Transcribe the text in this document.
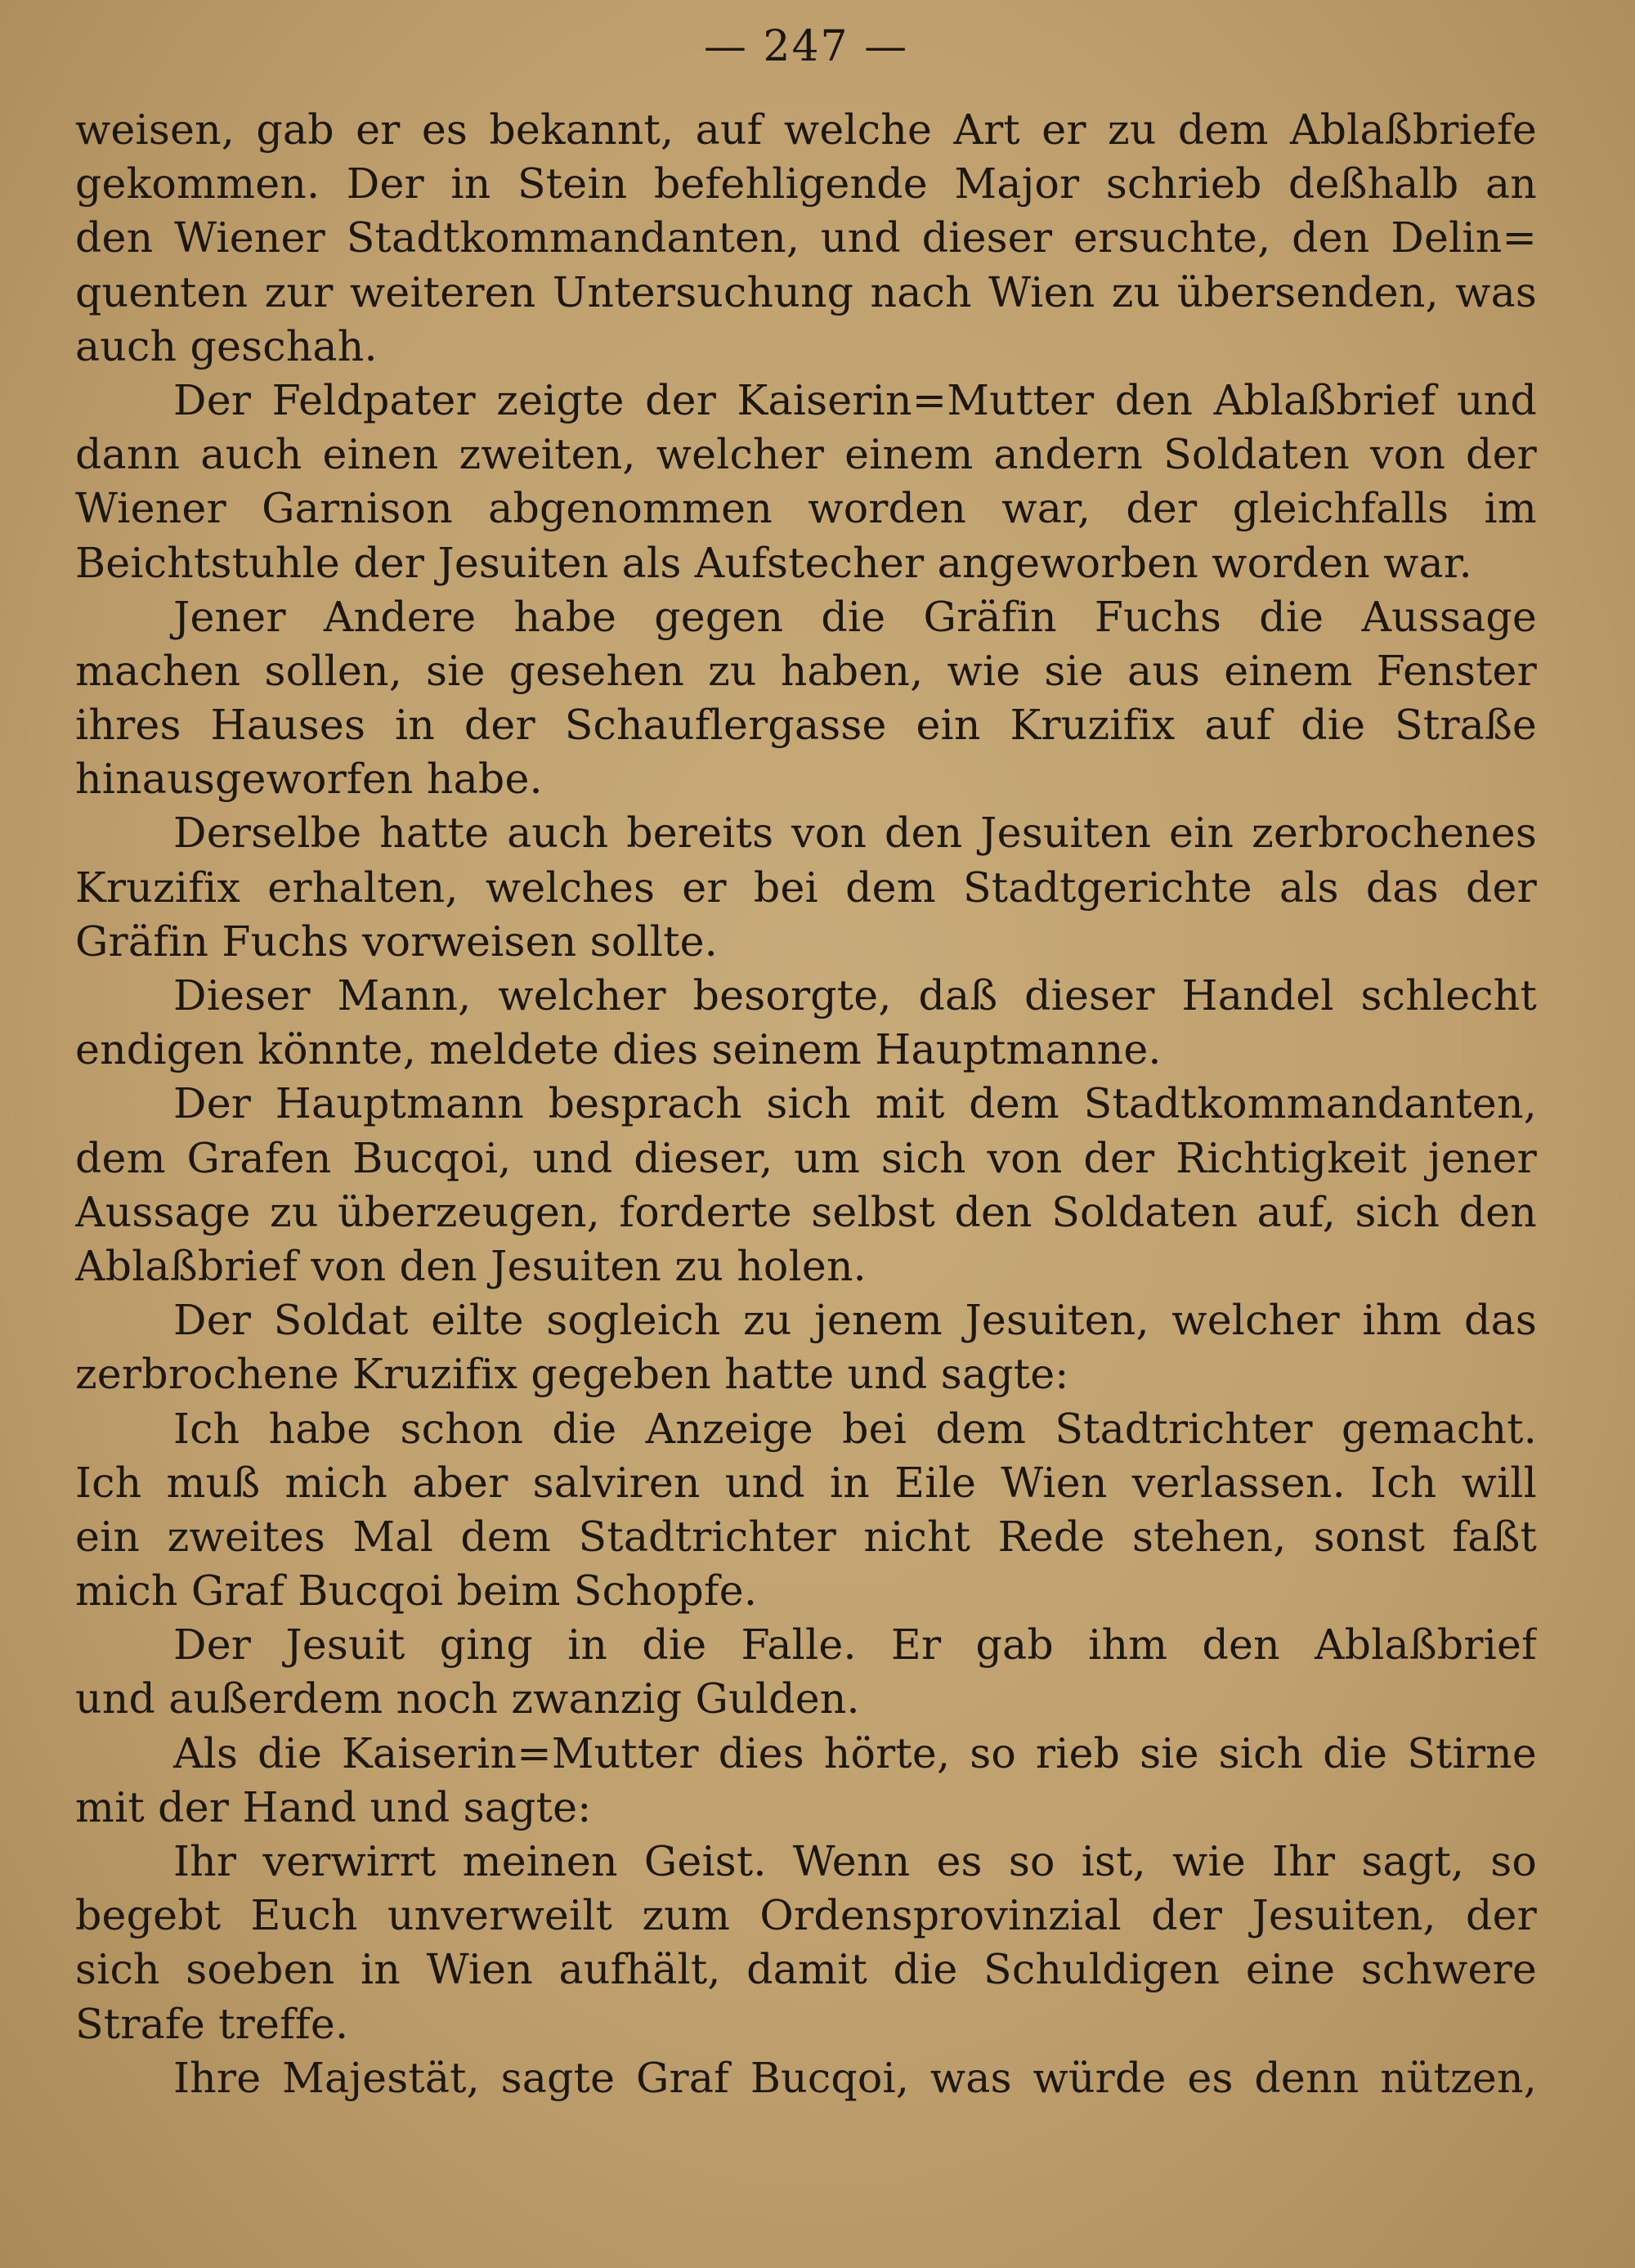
— 247 —
weisen, gab er es bekannt, auf welche Art er zu dem Ablaßbriefe
gekommen. Der in Stein befehligende Major schrieb deßhalb an
den Wiener Stadtkommandanten, und dieser ersuchte, den Delin=
quenten zur weiteren Untersuchung nach Wien zu übersenden, was
auch geschah.
Der Feldpater zeigte der Kaiserin=Mutter den Ablaßbrief und
dann auch einen zweiten, welcher einem andern Soldaten von der
Wiener Garnison abgenommen worden war, der gleichfalls im
Beichtstuhle der Jesuiten als Aufstecher angeworben worden war.
Jener Andere habe gegen die Gräfin Fuchs die Aussage
machen sollen, sie gesehen zu haben, wie sie aus einem Fenster
ihres Hauses in der Schauflergasse ein Kruzifix auf die Straße
hinausgeworfen habe.
Derselbe hatte auch bereits von den Jesuiten ein zerbrochenes
Kruzifix erhalten, welches er bei dem Stadtgerichte als das der
Gräfin Fuchs vorweisen sollte.
Dieser Mann, welcher besorgte, daß dieser Handel schlecht
endigen könnte, meldete dies seinem Hauptmanne.
Der Hauptmann besprach sich mit dem Stadtkommandanten,
dem Grafen Bucqoi, und dieser, um sich von der Richtigkeit jener
Aussage zu überzeugen, forderte selbst den Soldaten auf, sich den
Ablaßbrief von den Jesuiten zu holen.
Der Soldat eilte sogleich zu jenem Jesuiten, welcher ihm das
zerbrochene Kruzifix gegeben hatte und sagte:
Ich habe schon die Anzeige bei dem Stadtrichter gemacht.
Ich muß mich aber salviren und in Eile Wien verlassen. Ich will
ein zweites Mal dem Stadtrichter nicht Rede stehen, sonst faßt
mich Graf Bucqoi beim Schopfe.
Der Jesuit ging in die Falle. Er gab ihm den Ablaßbrief
und außerdem noch zwanzig Gulden.
Als die Kaiserin=Mutter dies hörte, so rieb sie sich die Stirne
mit der Hand und sagte:
Ihr verwirrt meinen Geist. Wenn es so ist, wie Ihr sagt, so
begebt Euch unverweilt zum Ordensprovinzial der Jesuiten, der
sich soeben in Wien aufhält, damit die Schuldigen eine schwere
Strafe treffe.
Ihre Majestät, sagte Graf Bucqoi, was würde es denn nützen,
